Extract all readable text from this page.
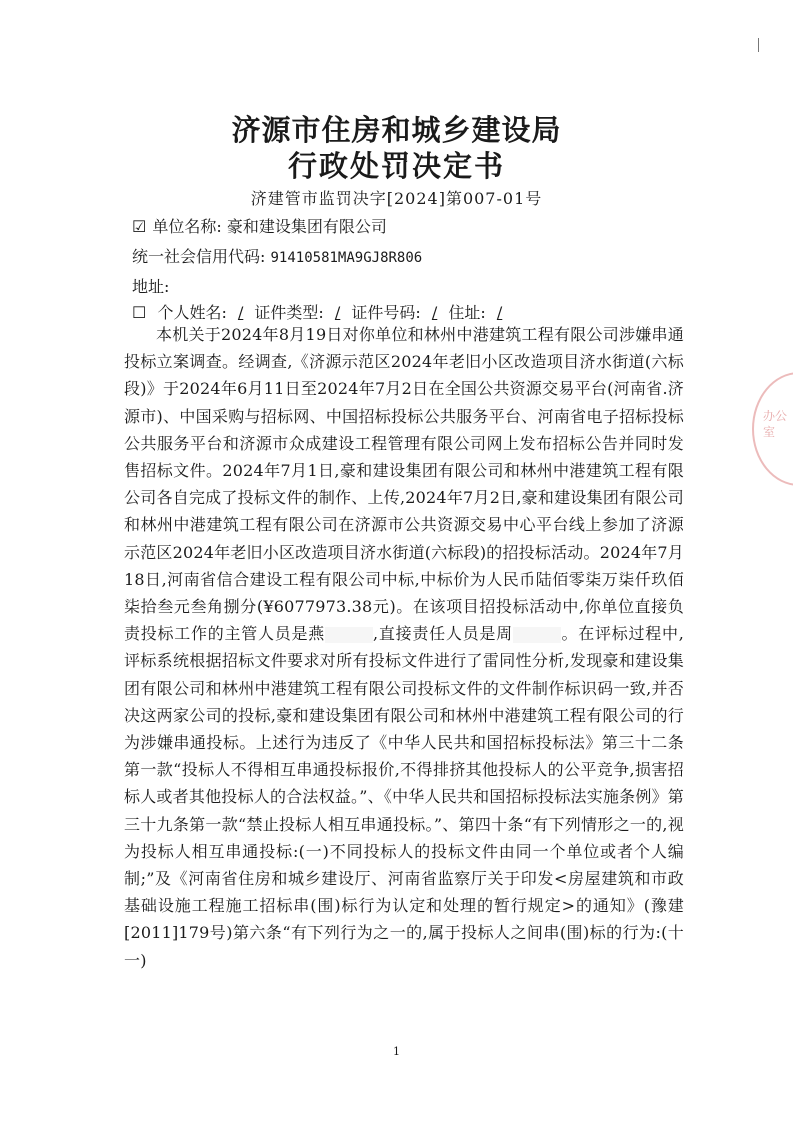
济源市住房和城乡建设局
行政处罚决定书
济建管市监罚决字[2024]第007-01号
☑ 单位名称: 豪和建设集团有限公司
统一社会信用代码: 91410581MA9GJ8R806
地址:
☐ 个人姓名: / 证件类型: / 证件号码: / 住址: /
本机关于2024年8月19日对你单位和林州中港建筑工程有限公司涉嫌串通投标立案调查。经调查,《济源示范区2024年老旧小区改造项目济水街道(六标段)》于2024年6月11日至2024年7月2日在全国公共资源交易平台(河南省.济源市)、中国采购与招标网、中国招标投标公共服务平台、河南省电子招标投标公共服务平台和济源市众成建设工程管理有限公司网上发布招标公告并同时发售招标文件。2024年7月1日,豪和建设集团有限公司和林州中港建筑工程有限公司各自完成了投标文件的制作、上传,2024年7月2日,豪和建设集团有限公司和林州中港建筑工程有限公司在济源市公共资源交易中心平台线上参加了济源示范区2024年老旧小区改造项目济水街道(六标段)的招投标活动。2024年7月18日,河南省信合建设工程有限公司中标,中标价为人民币陆佰零柒万柒仟玖佰柒拾叁元叁角捌分(¥6077973.38元)。在该项目招投标活动中,你单位直接负责投标工作的主管人员是燕	,直接责任人员是周	。在评标过程中,评标系统根据招标文件要求对所有投标文件进行了雷同性分析,发现豪和建设集团有限公司和林州中港建筑工程有限公司投标文件的文件制作标识码一致,并否决这两家公司的投标,豪和建设集团有限公司和林州中港建筑工程有限公司的行为涉嫌串通投标。上述行为违反了《中华人民共和国招标投标法》第三十二条第一款“投标人不得相互串通投标报价,不得排挤其他投标人的公平竞争,损害招标人或者其他投标人的合法权益。”、《中华人民共和国招标投标法实施条例》第三十九条第一款“禁止投标人相互串通投标。”、第四十条“有下列情形之一的,视为投标人相互串通投标:(一)不同投标人的投标文件由同一个单位或者个人编制;”及《河南省住房和城乡建设厅、河南省监察厅关于印发<房屋建筑和市政基础设施工程施工招标串(围)标行为认定和处理的暂行规定>的通知》(豫建[2011]179号)第六条“有下列行为之一的,属于投标人之间串(围)标的行为:(十一)
办公室
1
